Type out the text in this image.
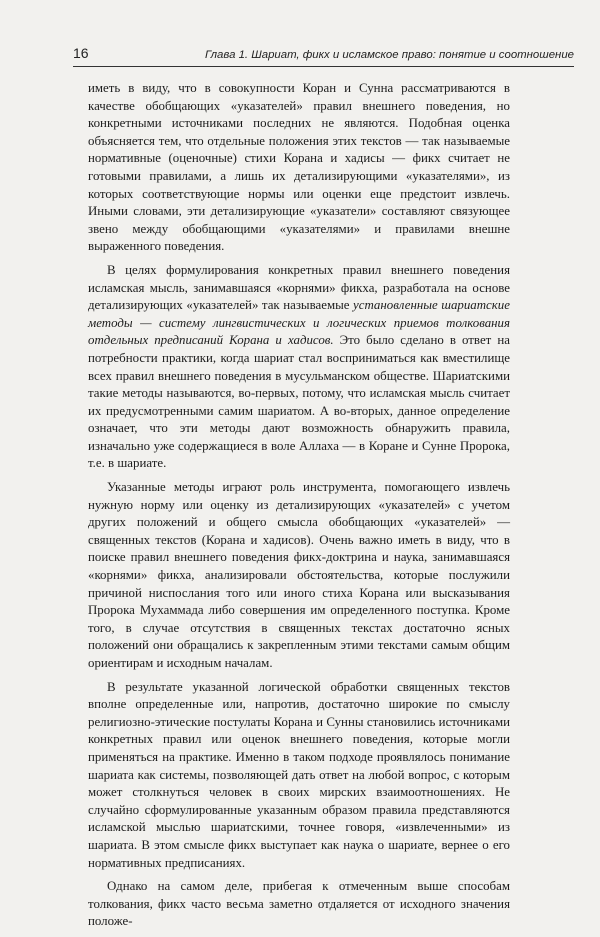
16	Глава 1. Шариат, фикх и исламское право: понятие и соотношение

иметь в виду, что в совокупности Коран и Сунна рассматриваются в качестве обобщающих «указателей» правил внешнего поведения, но конкретными источниками последних не являются. Подобная оценка объясняется тем, что отдельные положения этих текстов — так называемые нормативные (оценочные) стихи Корана и хадисы — фикх считает не готовыми правилами, а лишь их детализирующими «указателями», из которых соответствующие нормы или оценки еще предстоит извлечь. Иными словами, эти детализирующие «указатели» составляют связующее звено между обобщающими «указателями» и правилами внешне выраженного поведения.

В целях формулирования конкретных правил внешнего поведения исламская мысль, занимавшаяся «корнями» фикха, разработала на основе детализирующих «указателей» так называемые установленные шариатские методы — систему лингвистических и логических приемов толкования отдельных предписаний Корана и хадисов. Это было сделано в ответ на потребности практики, когда шариат стал восприниматься как вместилище всех правил внешнего поведения в мусульманском обществе. Шариатскими такие методы называются, во-первых, потому, что исламская мысль считает их предусмотренными самим шариатом. А во-вторых, данное определение означает, что эти методы дают возможность обнаружить правила, изначально уже содержащиеся в воле Аллаха — в Коране и Сунне Пророка, т.е. в шариате.

Указанные методы играют роль инструмента, помогающего извлечь нужную норму или оценку из детализирующих «указателей» с учетом других положений и общего смысла обобщающих «указателей» — священных текстов (Корана и хадисов). Очень важно иметь в виду, что в поиске правил внешнего поведения фикх-доктрина и наука, занимавшаяся «корнями» фикха, анализировали обстоятельства, которые послужили причиной ниспослания того или иного стиха Корана или высказывания Пророка Мухаммада либо совершения им определенного поступка. Кроме того, в случае отсутствия в священных текстах достаточно ясных положений они обращались к закрепленным этими текстами самым общим ориентирам и исходным началам.

В результате указанной логической обработки священных текстов вполне определенные или, напротив, достаточно широкие по смыслу религиозно-этические постулаты Корана и Сунны становились источниками конкретных правил или оценок внешнего поведения, которые могли применяться на практике. Именно в таком подходе проявлялось понимание шариата как системы, позволяющей дать ответ на любой вопрос, с которым может столкнуться человек в своих мирских взаимоотношениях. Не случайно сформулированные указанным образом правила представляются исламской мыслью шариатскими, точнее говоря, «извлеченными» из шариата. В этом смысле фикх выступает как наука о шариате, вернее о его нормативных предписаниях.

Однако на самом деле, прибегая к отмеченным выше способам толкования, фикх часто весьма заметно отдаляется от исходного значения положе-
